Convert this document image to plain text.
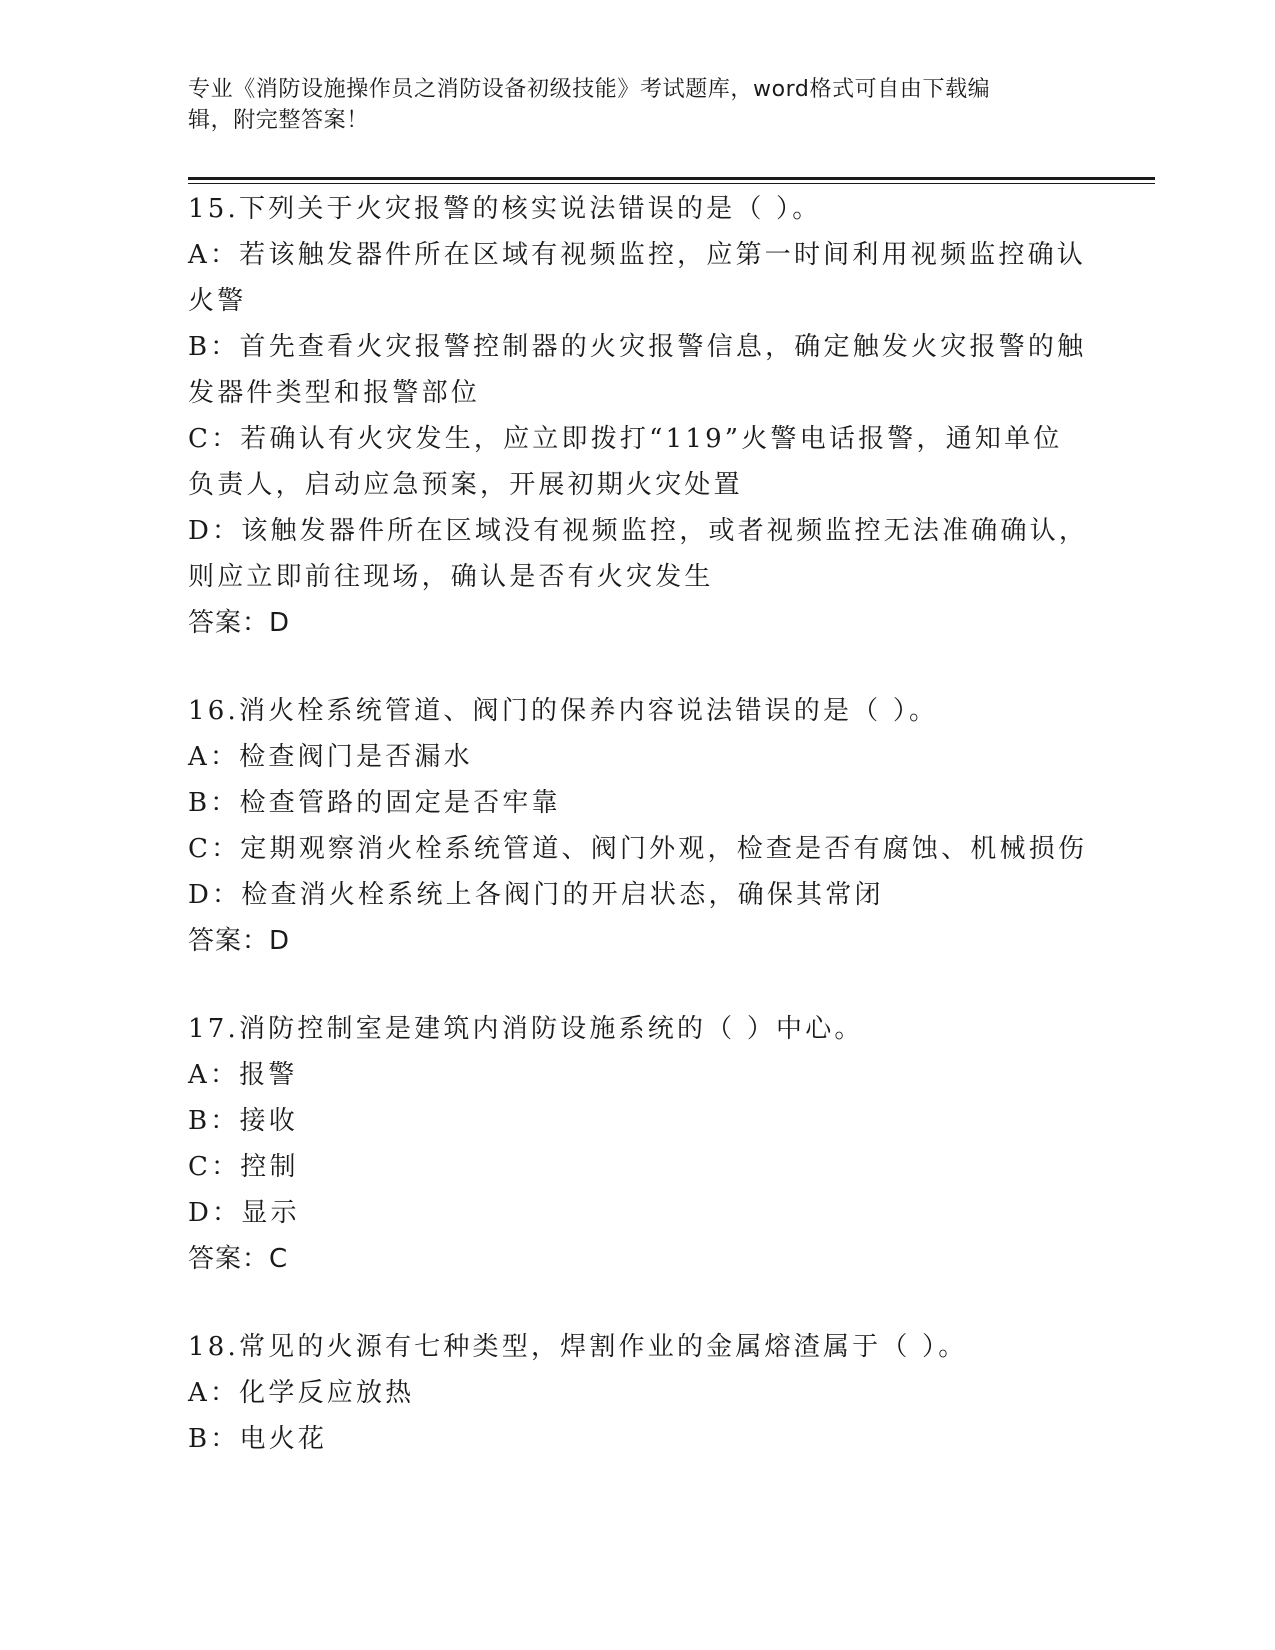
专业《消防设施操作员之消防设备初级技能》考试题库，word格式可自由下载编
辑，附完整答案！
15.下列关于火灾报警的核实说法错误的是（ ）。
A：若该触发器件所在区域有视频监控，应第一时间利用视频监控确认
火警
B：首先查看火灾报警控制器的火灾报警信息，确定触发火灾报警的触
发器件类型和报警部位
C：若确认有火灾发生，应立即拨打“119”火警电话报警，通知单位
负责人，启动应急预案，开展初期火灾处置
D：该触发器件所在区域没有视频监控，或者视频监控无法准确确认，
则应立即前往现场，确认是否有火灾发生
答案：D
16.消火栓系统管道、阀门的保养内容说法错误的是（ ）。
A：检查阀门是否漏水
B：检查管路的固定是否牢靠
C：定期观察消火栓系统管道、阀门外观，检查是否有腐蚀、机械损伤
D：检查消火栓系统上各阀门的开启状态，确保其常闭
答案：D
17.消防控制室是建筑内消防设施系统的（ ）中心。
A：报警
B：接收
C：控制
D：显示
答案：C
18.常见的火源有七种类型，焊割作业的金属熔渣属于（ ）。
A：化学反应放热
B：电火花
